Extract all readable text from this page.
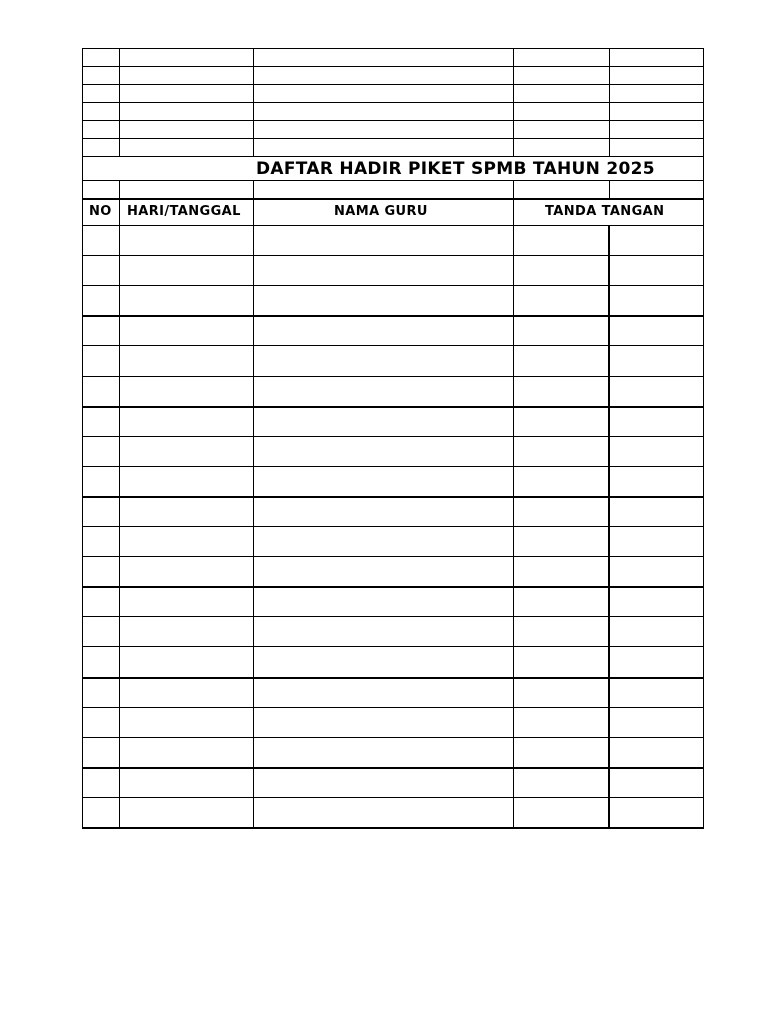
DAFTAR HADIR PIKET SPMB TAHUN 2025
NO HARI/TANGGAL	NAMA GURU	TANDA TANGAN
